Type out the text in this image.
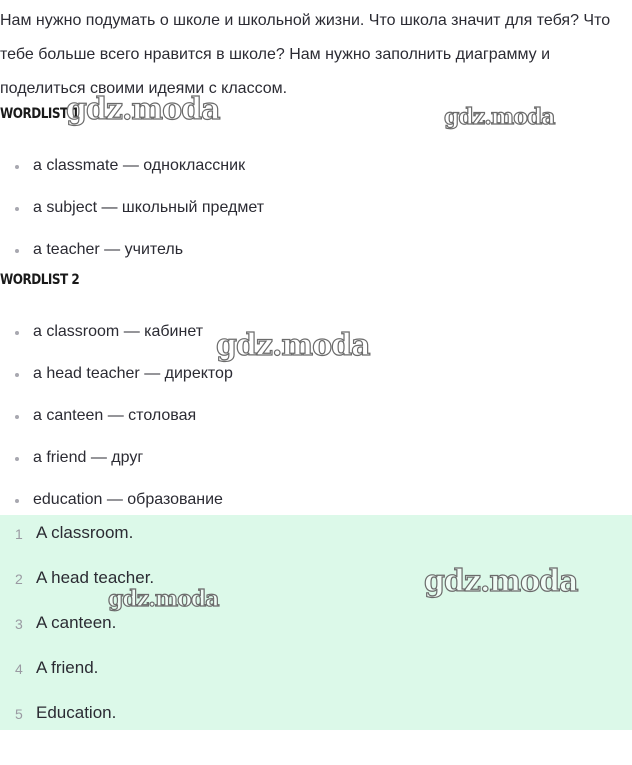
Нам нужно подумать о школе и школьной жизни. Что школа значит для тебя? Что тебе больше всего нравится в школе? Нам нужно заполнить диаграмму и поделиться своими идеями с классом.

WORDLIST 1
a classmate — одноклассник
a subject — школьный предмет
a teacher — учитель
WORDLIST 2
a classroom — кабинет
a head teacher — директор
a canteen — столовая
a friend — друг
education — образование
1 A classroom.
2 A head teacher.
3 A canteen.
4 A friend.
5 Education.
gdz.moda	gdz.moda
gdz.moda
gdz.moda
gdz.moda
